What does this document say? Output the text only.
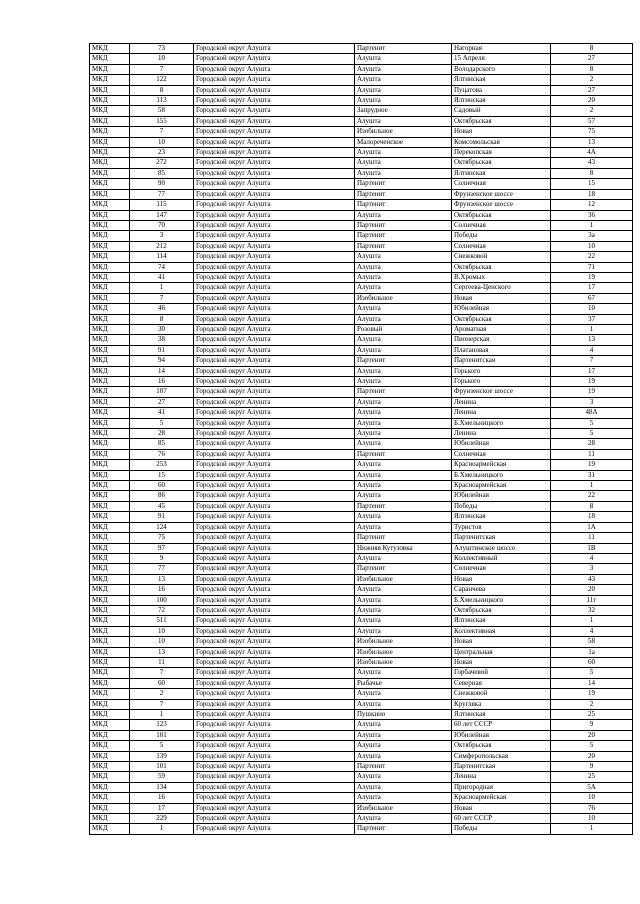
МКД	73	Городской округ Алушта	Партенит	Нагорная	8
МКД	10	Городской округ Алушта	Алушта	15 Апреля	27
МКД	7	Городской округ Алушта	Алушта	Володарского	8
МКД	122	Городской округ Алушта	Алушта	Ялтинская	2
МКД	8	Городской округ Алушта	Алушта	Пуцатова	27
МКД	113	Городской округ Алушта	Алушта	Ялтинская	20
МКД	58	Городской округ Алушта	Запрудное	Садовый	2
МКД	155	Городской округ Алушта	Алушта	Октябрьская	57
МКД	7	Городской округ Алушта	Изобильное	Новая	75
МКД	10	Городской округ Алушта	Малореченское	Комсомольская	13
МКД	23	Городской округ Алушта	Алушта	Перекопская	4А
МКД	272	Городской округ Алушта	Алушта	Октябрьская	43
МКД	85	Городской округ Алушта	Алушта	Ялтинская	8
МКД	90	Городской округ Алушта	Партенит	Солнечная	15
МКД	77	Городской округ Алушта	Партенит	Фрунзенское шоссе	18
МКД	115	Городской округ Алушта	Партенит	Фрунзенское шоссе	12
МКД	147	Городской округ Алушта	Алушта	Октябрьская	36
МКД	70	Городской округ Алушта	Партенит	Солнечная	1
МКД	3	Городской округ Алушта	Партенит	Победы	3а
МКД	212	Городской округ Алушта	Партенит	Солнечная	10
МКД	114	Городской округ Алушта	Алушта	Снежковой	22
МКД	74	Городской округ Алушта	Алушта	Октябрьская	71
МКД	41	Городской округ Алушта	Алушта	В.Хромых	19
МКД	1	Городской округ Алушта	Алушта	Сергеева-Ценского	17
МКД	7	Городской округ Алушта	Изобильное	Новая	67
МКД	46	Городской округ Алушта	Алушта	Юбилейная	10
МКД	8	Городской округ Алушта	Алушта	Октябрьская	37
МКД	30	Городской округ Алушта	Розовый	Ароматная	1
МКД	38	Городской округ Алушта	Алушта	Пионерская	13
МКД	91	Городской округ Алушта	Алушта	Платановая	4
МКД	94	Городской округ Алушта	Партенит	Партенитская	7
МКД	14	Городской округ Алушта	Алушта	Горького	17
МКД	16	Городской округ Алушта	Алушта	Горького	19
МКД	107	Городской округ Алушта	Партенит	Фрунзенское шоссе	19
МКД	27	Городской округ Алушта	Алушта	Ленина	3
МКД	41	Городской округ Алушта	Алушта	Ленина	48А
МКД	5	Городской округ Алушта	Алушта	Б.Хмельницкого	5
МКД	28	Городской округ Алушта	Алушта	Ленина	5
МКД	85	Городской округ Алушта	Алушта	Юбилейная	28
МКД	76	Городской округ Алушта	Партенит	Солнечная	11
МКД	253	Городской округ Алушта	Алушта	Красноармейская	19
МКД	15	Городской округ Алушта	Алушта	Б.Хмельницкого	31
МКД	60	Городской округ Алушта	Алушта	Красноармейская	1
МКД	86	Городской округ Алушта	Алушта	Юбилейная	22
МКД	45	Городской округ Алушта	Партенит	Победы	8
МКД	91	Городской округ Алушта	Алушта	Ялтинская	18
МКД	124	Городской округ Алушта	Алушта	Туристов	1А
МКД	75	Городской округ Алушта	Партенит	Партенитская	11
МКД	97	Городской округ Алушта	Нижняя Кутузовка	Алуштинское шоссе	1В
МКД	9	Городской округ Алушта	Алушта	Коллективный	4
МКД	77	Городской округ Алушта	Партенит	Солнечная	3
МКД	13	Городской округ Алушта	Изобильное	Новая	43
МКД	16	Городской округ Алушта	Алушта	Саранчева	20
МКД	100	Городской округ Алушта	Алушта	Б.Хмельницкого	11г
МКД	72	Городской округ Алушта	Алушта	Октябрьская	32
МКД	511	Городской округ Алушта	Алушта	Ялтинская	1
МКД	10	Городской округ Алушта	Алушта	Коллективная	4
МКД	10	Городской округ Алушта	Изобильное	Новая	58
МКД	13	Городской округ Алушта	Изобильное	Центральная	1а
МКД	11	Городской округ Алушта	Изобильное	Новая	60
МКД	7	Городской округ Алушта	Алушта	Горбачевой	5
МКД	60	Городской округ Алушта	Рыбачье	Северная	14
МКД	2	Городской округ Алушта	Алушта	Снежковой	19
МКД	7	Городской округ Алушта	Алушта	Кругляка	2
МКД	1	Городской округ Алушта	Пушкино	Ялтинская	25
МКД	123	Городской округ Алушта	Алушта	60 лет СССР	9
МКД	101	Городской округ Алушта	Алушта	Юбилейная	20
МКД	5	Городской округ Алушта	Алушта	Октябрьская	5
МКД	139	Городской округ Алушта	Алушта	Симферопольская	20
МКД	101	Городской округ Алушта	Партенит	Партенитская	9
МКД	59	Городской округ Алушта	Алушта	Ленина	25
МКД	134	Городской округ Алушта	Алушта	Пригородная	5А
МКД	16	Городской округ Алушта	Алушта	Красноармейская	10
МКД	17	Городской округ Алушта	Изобильное	Новая	76
МКД	229	Городской округ Алушта	Алушта	60 лет СССР	10
МКД	1	Городской округ Алушта	Партенит	Победы	1
